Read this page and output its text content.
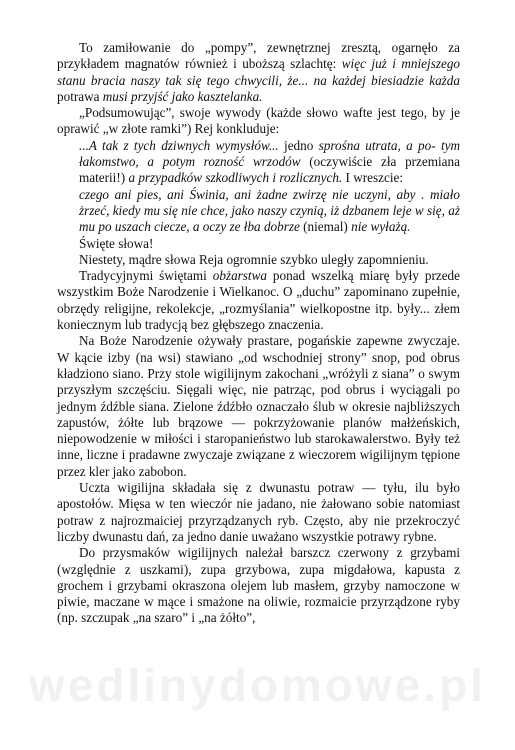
To zamiłowanie do „pompy”, zewnętrznej zresztą, ogarnęło za przykładem magnatów również i uboższą szlachtę: więc już i mniejszego stanu bracia naszy tak się tego chwycili, że... na każdej biesiadzie każda potrawa musi przyjść jako kasztelanka.

„Podsumowując”, swoje wywody (każde słowo wafte jest tego, by je oprawić „w złote ramki”) Rej konkluduje:

...A tak z tych dziwnych wymysłów... jedno sprośna utrata, a po- tym łakomstwo, a potym rozność wrzodów (oczywiście zła przemiana materii!) a przypadków szkodliwych i rozlicznych. I wreszcie:

czego ani pies, ani Świnia, ani żadne zwirzę nie uczyni, aby . miało żrzeć, kiedy mu się nie chce, jako naszy czynią, iż dzbanem leje w się, aż mu po uszach ciecze, a oczy ze łba dobrze (niemal) nie wyłażą.

Święte słowa!

Niestety, mądre słowa Reja ogromnie szybko uległy zapomnieniu.

Tradycyjnymi świętami obżarstwa ponad wszelką miarę były przede wszystkim Boże Narodzenie i Wielkanoc. O „duchu” zapominano zupełnie, obrzędy religijne, rekolekcje, „rozmyślania” wielkopostne itp. były... złem koniecznym lub tradycją bez głębszego znaczenia.

Na Boże Narodzenie ożywały prastare, pogańskie zapewne zwyczaje. W kącie izby (na wsi) stawiano „od wschodniej strony” snop, pod obrus kładziono siano. Przy stole wigilijnym zakochani „wróżyli z siana” o swym przyszłym szczęściu. Sięgali więc, nie patrząc, pod obrus i wyciągali po jednym źdźble siana. Zielone źdźbło oznaczało ślub w okresie najbliższych zapustów, żółte lub brązowe — pokrzyżowanie planów małżeńskich, niepowodzenie w miłości i staropanieństwo lub starokawalerstwo. Były też inne, liczne i pradawne zwyczaje związane z wieczorem wigilijnym tępione przez kler jako zabobon.

Uczta wigilijna składała się z dwunastu potraw — tyłu, ilu było apostołów. Mięsa w ten wieczór nie jadano, nie żałowano sobie natomiast potraw z najrozmaiciej przyrządzanych ryb. Często, aby nie przekroczyć liczby dwunastu dań, za jedno danie uważano wszystkie potrawy rybne.

Do przysmaków wigilijnych należał barszcz czerwony z grzybami (względnie z uszkami), zupa grzybowa, zupa migdałowa, kapusta z grochem i grzybami okraszona olejem lub masłem, grzyby namoczone w piwie, maczane w mące i smażone na oliwie, rozmaicie przyrządzone ryby (np. szczupak „na szaro” i „na żółto”,

wedlinydomowe.pl
